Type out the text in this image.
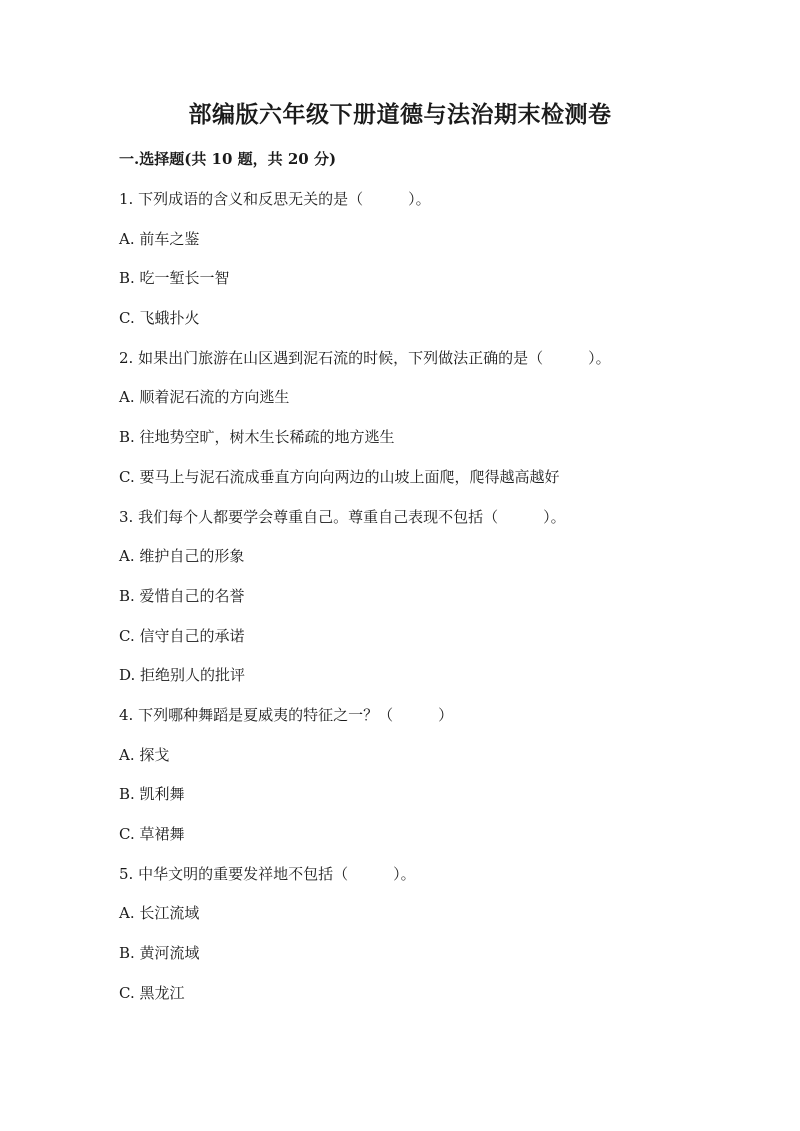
部编版六年级下册道德与法治期末检测卷
一.选择题(共 10 题，共 20 分)
1. 下列成语的含义和反思无关的是（　　　）。
A. 前车之鉴
B. 吃一堑长一智
C. 飞蛾扑火
2. 如果出门旅游在山区遇到泥石流的时候，下列做法正确的是（　　　）。
A. 顺着泥石流的方向逃生
B. 往地势空旷，树木生长稀疏的地方逃生
C. 要马上与泥石流成垂直方向向两边的山坡上面爬，爬得越高越好
3. 我们每个人都要学会尊重自己。尊重自己表现不包括（　　　）。
A. 维护自己的形象
B. 爱惜自己的名誉
C. 信守自己的承诺
D. 拒绝别人的批评
4. 下列哪种舞蹈是夏威夷的特征之一？（　　　）
A. 探戈
B. 凯利舞
C. 草裙舞
5. 中华文明的重要发祥地不包括（　　　）。
A. 长江流域
B. 黄河流域
C. 黑龙江
